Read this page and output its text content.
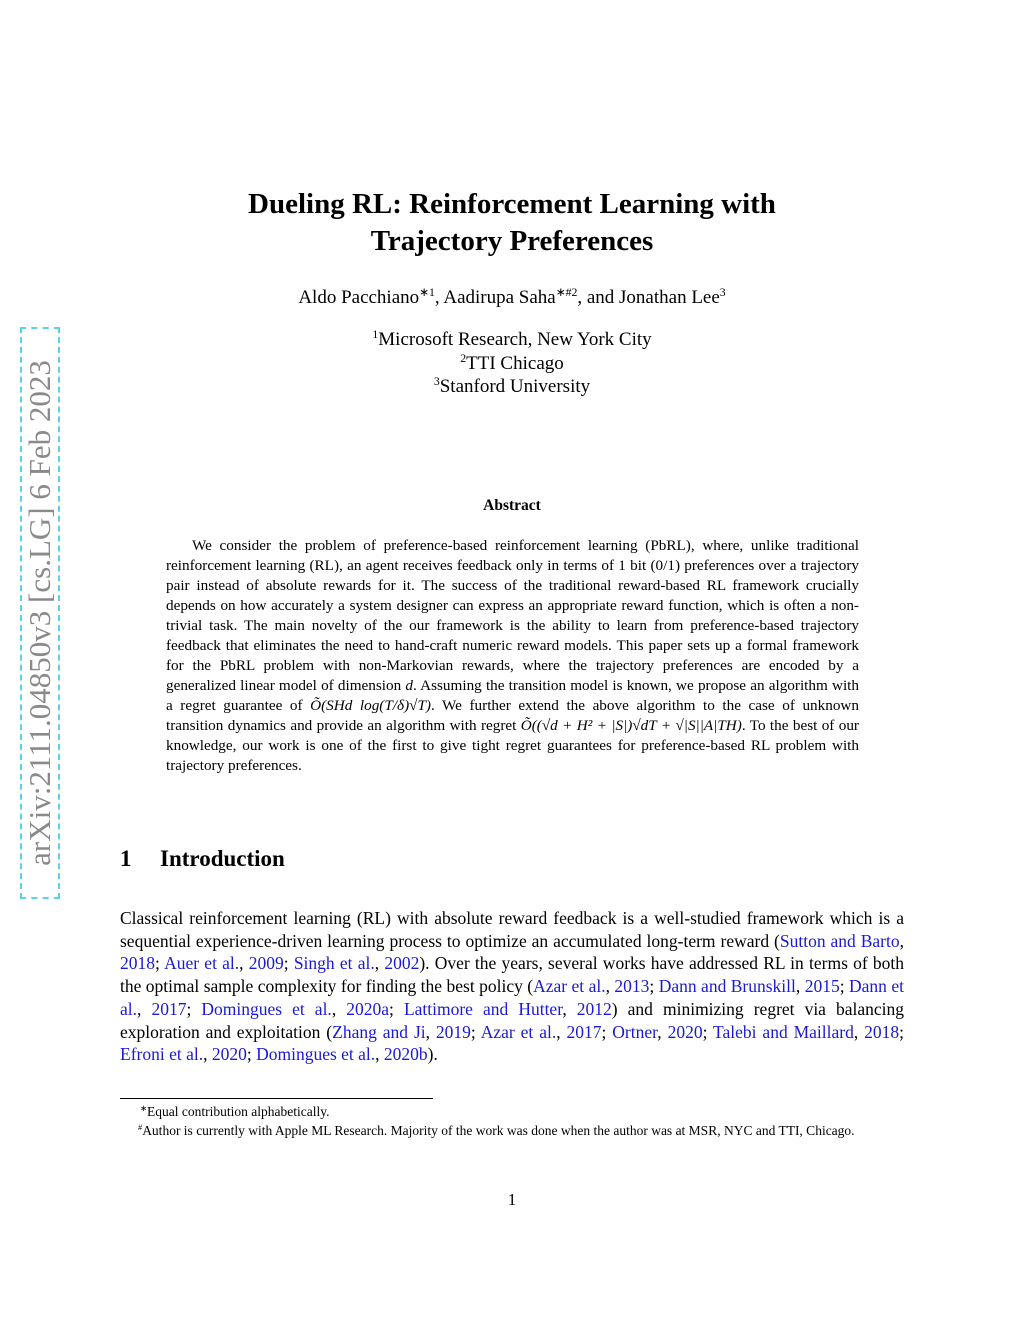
arXiv:2111.04850v3 [cs.LG] 6 Feb 2023
Dueling RL: Reinforcement Learning with
Trajectory Preferences
Aldo Pacchiano$^{∗1}$, Aadirupa Saha$^{∗\#2}$, and Jonathan Lee$^3$
$^1$Microsoft Research, New York City
$^2$TTI Chicago
$^3$Stanford University
Abstract

We consider the problem of preference-based reinforcement learning (PbRL), where, unlike traditional reinforcement learning (RL), an agent receives feedback only in terms of 1 bit (0/1) preferences over a trajectory pair instead of absolute rewards for it. The success of the traditional reward-based RL framework crucially depends on how accurately a system designer can express an appropriate reward function, which is often a non-trivial task. The main novelty of the our framework is the ability to learn from preference-based trajectory feedback that eliminates the need to hand-craft numeric reward models. This paper sets up a formal framework for the PbRL problem with non-Markovian rewards, where the trajectory preferences are encoded by a generalized linear model of dimension d. Assuming the transition model is known, we propose an algorithm with a regret guarantee of Õ(SHd log(T/δ)√T). We further extend the above algorithm to the case of unknown transition dynamics and provide an algorithm with regret Õ((√d + H² + |S|)√dT + √|S||A|TH). To the best of our knowledge, our work is one of the first to give tight regret guarantees for preference-based RL problem with trajectory preferences.

1 Introduction

Classical reinforcement learning (RL) with absolute reward feedback is a well-studied framework which is a sequential experience-driven learning process to optimize an accumulated long-term reward (Sutton and Barto, 2018; Auer et al., 2009; Singh et al., 2002). Over the years, several works have addressed RL in terms of both the optimal sample complexity for finding the best policy (Azar et al., 2013; Dann and Brunskill, 2015; Dann et al., 2017; Domingues et al., 2020a; Lattimore and Hutter, 2012) and minimizing regret via balancing exploration and exploitation (Zhang and Ji, 2019; Azar et al., 2017; Ortner, 2020; Talebi and Maillard, 2018; Efroni et al., 2020; Domingues et al., 2020b).

∗Equal contribution alphabetically.

#Author is currently with Apple ML Research. Majority of the work was done when the author was at MSR, NYC and TTI, Chicago.

1
